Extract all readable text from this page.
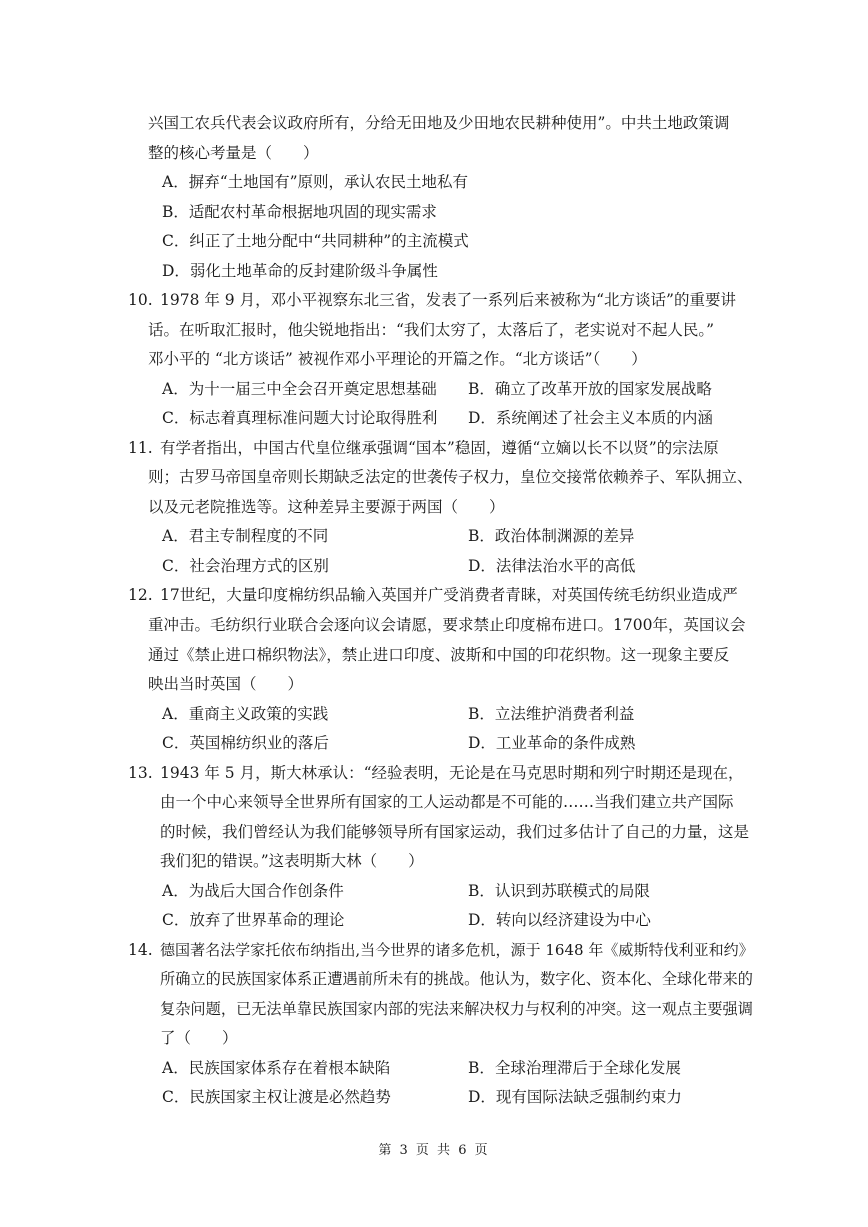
兴国工农兵代表会议政府所有，分给无田地及少田地农民耕种使用”。中共土地政策调
整的核心考量是（　　）
A．摒弃“土地国有”原则，承认农民土地私有
B．适配农村革命根据地巩固的现实需求
C．纠正了土地分配中“共同耕种”的主流模式
D．弱化土地革命的反封建阶级斗争属性
10. 1978 年 9 月，邓小平视察东北三省，发表了一系列后来被称为“北方谈话”的重要讲
话。在听取汇报时，他尖锐地指出：“我们太穷了，太落后了，老实说对不起人民。”
邓小平的 “北方谈话” 被视作邓小平理论的开篇之作。“北方谈话”（　　）
A．为十一届三中全会召开奠定思想基础 B．确立了改革开放的国家发展战略
C．标志着真理标准问题大讨论取得胜利 D．系统阐述了社会主义本质的内涵
11. 有学者指出，中国古代皇位继承强调“国本”稳固，遵循“立嫡以长不以贤”的宗法原
则；古罗马帝国皇帝则长期缺乏法定的世袭传子权力，皇位交接常依赖养子、军队拥立、
以及元老院推选等。这种差异主要源于两国（　　）
A．君主专制程度的不同	B．政治体制渊源的差异
C．社会治理方式的区别	D．法律法治水平的高低
12. 17世纪，大量印度棉纺织品输入英国并广受消费者青睐，对英国传统毛纺织业造成严
重冲击。毛纺织行业联合会逐向议会请愿，要求禁止印度棉布进口。1700年，英国议会
通过《禁止进口棉织物法》，禁止进口印度、波斯和中国的印花织物。这一现象主要反
映出当时英国（　　）
A．重商主义政策的实践	B．立法维护消费者利益
C．英国棉纺织业的落后	D．工业革命的条件成熟
13. 1943 年 5 月，斯大林承认：“经验表明，无论是在马克思时期和列宁时期还是现在，
由一个中心来领导全世界所有国家的工人运动都是不可能的……当我们建立共产国际
的时候，我们曾经认为我们能够领导所有国家运动，我们过多估计了自己的力量，这是
我们犯的错误。”这表明斯大林（　　）
A．为战后大国合作创条件	B．认识到苏联模式的局限
C．放弃了世界革命的理论	D．转向以经济建设为中心
14. 德国著名法学家托依布纳指出,当今世界的诸多危机，源于 1648 年《威斯特伐利亚和约》
所确立的民族国家体系正遭遇前所未有的挑战。他认为，数字化、资本化、全球化带来的
复杂问题，已无法单靠民族国家内部的宪法来解决权力与权利的冲突。这一观点主要强调
了（　　）
A．民族国家体系存在着根本缺陷	B．全球治理滞后于全球化发展
C．民族国家主权让渡是必然趋势	D．现有国际法缺乏强制约束力
第 3 页 共 6 页
